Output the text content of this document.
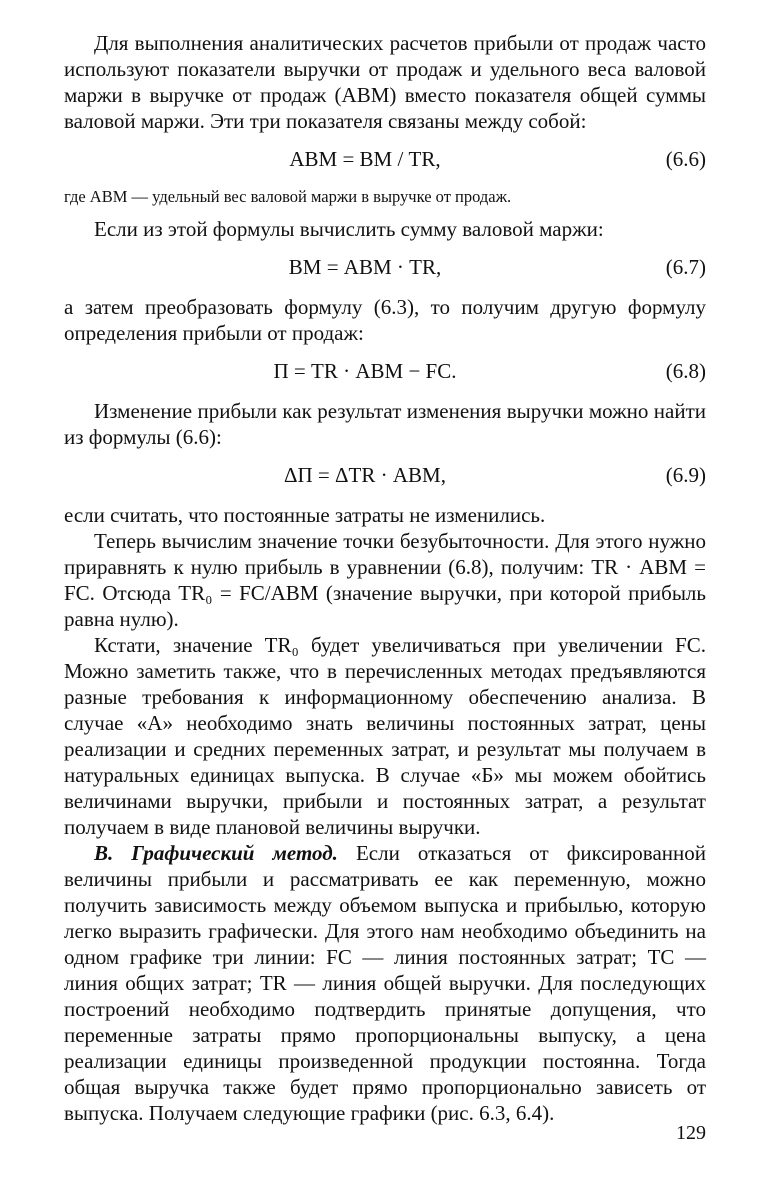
Для выполнения аналитических расчетов прибыли от продаж часто используют показатели выручки от продаж и удельного веса валовой маржи в выручке от продаж (АВМ) вместо показателя общей суммы валовой маржи. Эти три показателя связаны между собой:

АВМ = ВМ / TR,	(6.6)

где АВМ — удельный вес валовой маржи в выручке от продаж.

Если из этой формулы вычислить сумму валовой маржи:

ВМ = АВМ · TR,	(6.7)

а затем преобразовать формулу (6.3), то получим другую формулу определения прибыли от продаж:

П = TR · АВМ − FC.	(6.8)

Изменение прибыли как результат изменения выручки можно найти из формулы (6.6):

ΔП = ΔTR · АВМ,	(6.9)

если считать, что постоянные затраты не изменились.

Теперь вычислим значение точки безубыточности. Для этого нужно приравнять к нулю прибыль в уравнении (6.8), получим: TR · АВМ = FC. Отсюда TR₀ = FC/АВМ (значение выручки, при которой прибыль равна нулю).

Кстати, значение TR₀ будет увеличиваться при увеличении FC. Можно заметить также, что в перечисленных методах предъявляются разные требования к информационному обеспечению анализа. В случае «А» необходимо знать величины постоянных затрат, цены реализации и средних переменных затрат, и результат мы получаем в натуральных единицах выпуска. В случае «Б» мы можем обойтись величинами выручки, прибыли и постоянных затрат, а результат получаем в виде плановой величины выручки.

В. Графический метод. Если отказаться от фиксированной величины прибыли и рассматривать ее как переменную, можно получить зависимость между объемом выпуска и прибылью, которую легко выразить графически. Для этого нам необходимо объединить на одном графике три линии: FC — линия постоянных затрат; TC — линия общих затрат; TR — линия общей выручки. Для последующих построений необходимо подтвердить принятые допущения, что переменные затраты прямо пропорциональны выпуску, а цена реализации единицы произведенной продукции постоянна. Тогда общая выручка также будет прямо пропорционально зависеть от выпуска. Получаем следующие графики (рис. 6.3, 6.4).

129
